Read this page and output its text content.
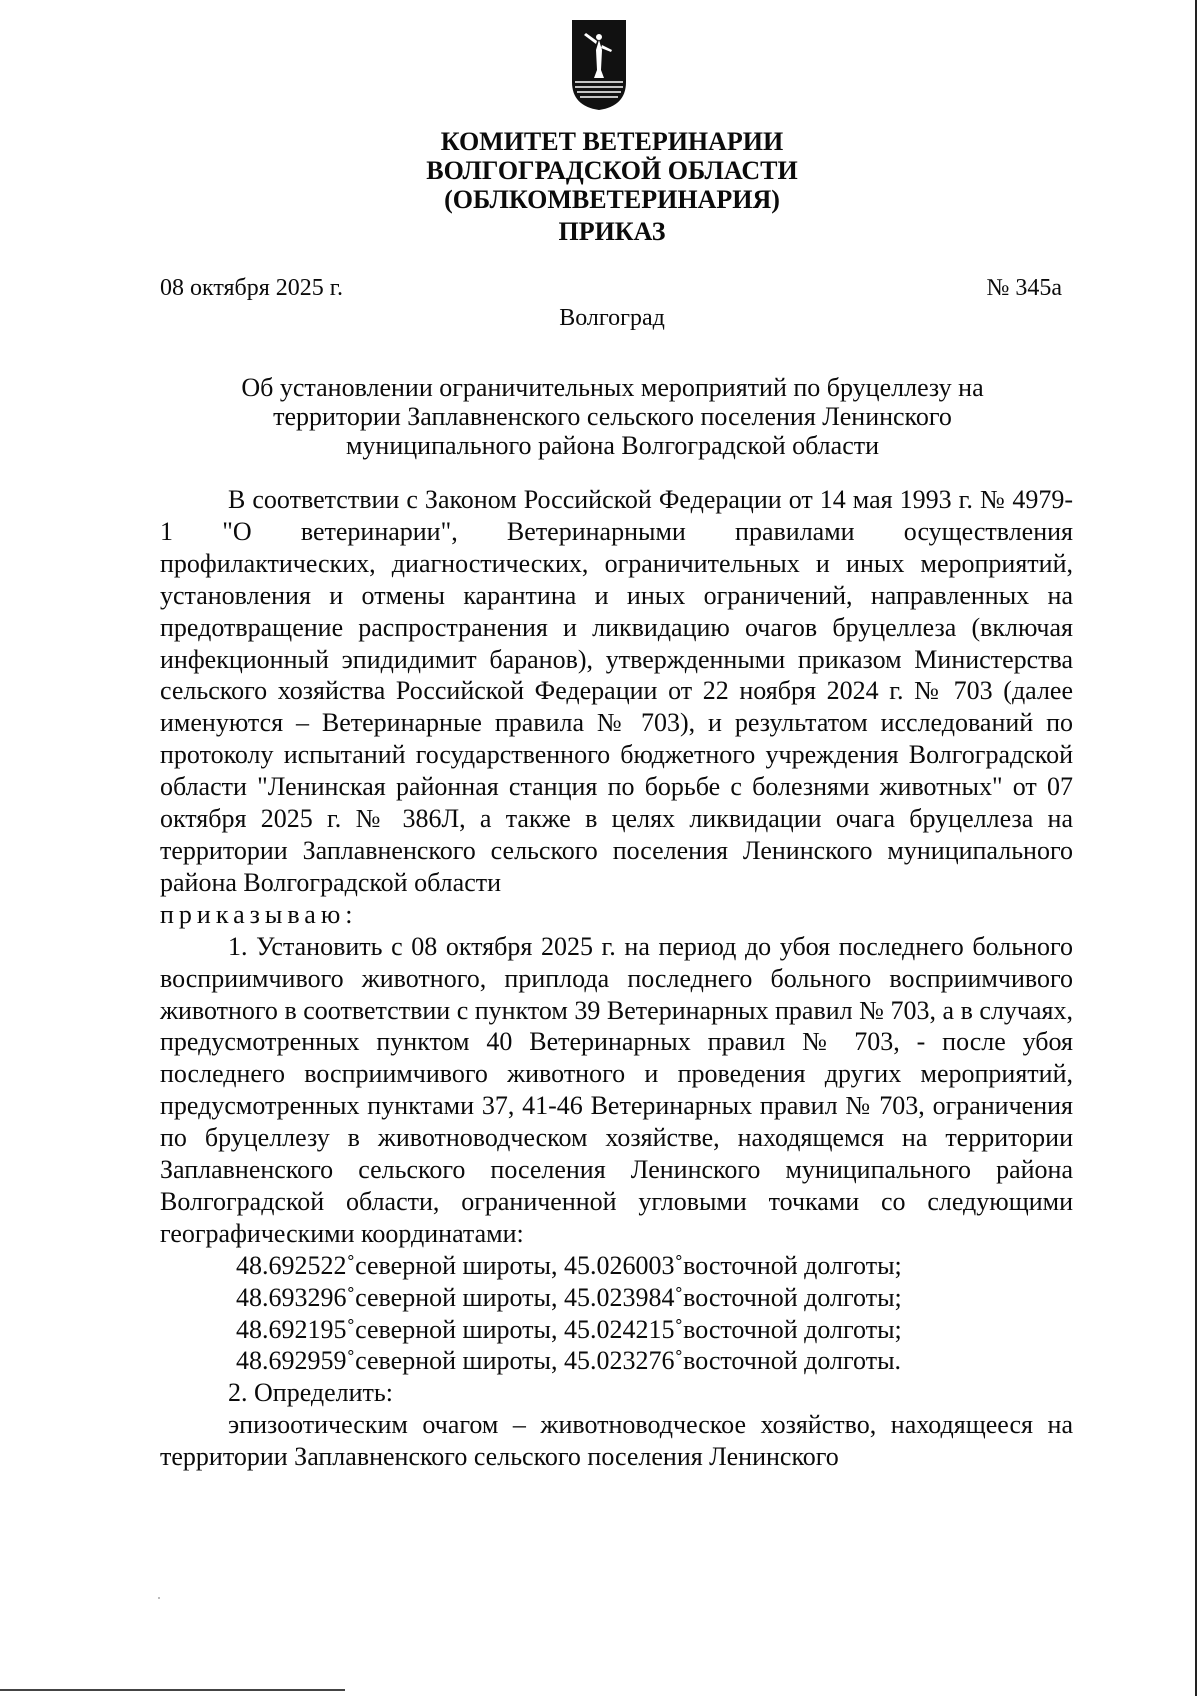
КОМИТЕТ ВЕТЕРИНАРИИ
ВОЛГОГРАДСКОЙ ОБЛАСТИ
(ОБЛКОМВЕТЕРИНАРИЯ)
ПРИКАЗ
08 октября 2025 г.	№ 345а
Волгоград
Об установлении ограничительных мероприятий по бруцеллезу на
территории Заплавненского сельского поселения Ленинского
муниципального района Волгоградской области

В соответствии с Законом Российской Федерации от 14 мая 1993 г. № 4979-1 "О ветеринарии", Ветеринарными правилами осуществления профилактических, диагностических, ограничительных и иных мероприятий, установления и отмены карантина и иных ограничений, направленных на предотвращение распространения и ликвидацию очагов бруцеллеза (включая инфекционный эпидидимит баранов), утвержденными приказом Министерства сельского хозяйства Российской Федерации от 22 ноября 2024 г. № 703 (далее именуются – Ветеринарные правила № 703), и результатом исследований по протоколу испытаний государственного бюджетного учреждения Волгоградской области "Ленинская районная станция по борьбе с болезнями животных" от 07 октября 2025 г. № 386Л, а также в целях ликвидации очага бруцеллеза на территории Заплавненского сельского поселения Ленинского муниципального района Волгоградской области

приказываю:

1. Установить с 08 октября 2025 г. на период до убоя последнего больного восприимчивого животного, приплода последнего больного восприимчивого животного в соответствии с пунктом 39 Ветеринарных правил № 703, а в случаях, предусмотренных пунктом 40 Ветеринарных правил № 703, - после убоя последнего восприимчивого животного и проведения других мероприятий, предусмотренных пунктами 37, 41-46 Ветеринарных правил № 703, ограничения по бруцеллезу в животноводческом хозяйстве, находящемся на территории Заплавненского сельского поселения Ленинского муниципального района Волгоградской области, ограниченной угловыми точками со следующими географическими координатами:

48.692522˚северной широты, 45.026003˚восточной долготы;

48.693296˚северной широты, 45.023984˚восточной долготы;

48.692195˚северной широты, 45.024215˚восточной долготы;

48.692959˚северной широты, 45.023276˚восточной долготы.

2. Определить:

эпизоотическим очагом – животноводческое хозяйство, находящееся на территории Заплавненского сельского поселения Ленинского
